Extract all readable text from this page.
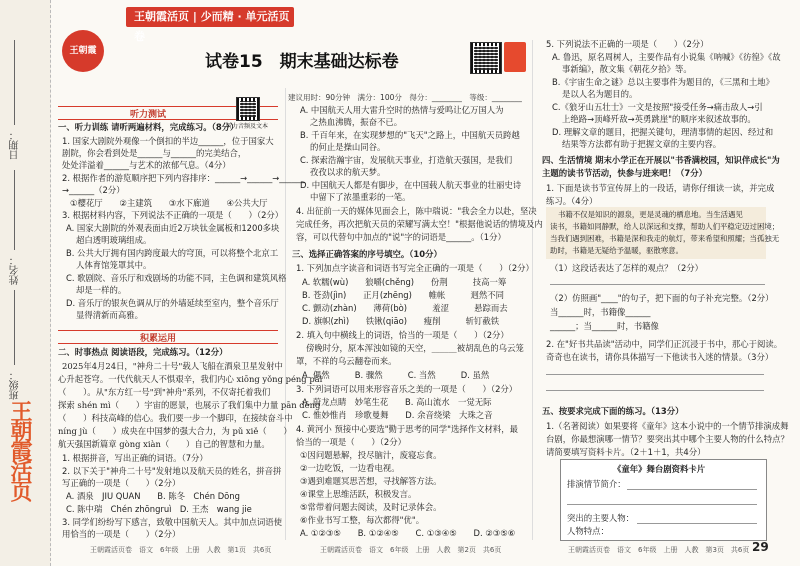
日期：
姓名：
班级：
王朝霞活页
王朝霞活页 | 少而精 · 单元活页卷
王朝霞
试卷15　期末基础达标卷
建议用时：90分钟　满分：100分　得分：________　等级：________
听力测试
听力音频及文本
一、听力训练 请听两遍材料，完成练习。（8分）
1. 国家大剧院外观像一个倒扣的半边______，位于国家大
剧院，你会看到处是______与______的完美结合，
处处洋溢着______与艺术的浓郁气息。（4分）
2. 根据作者的游览顺序把下列内容排序：______→______→______
→______（2分）
①樱花厅　　②主建筑　　③水下廊道　　④公共大厅
3. 根据材料内容，下列说法不正确的一项是（　　）（2分）
A. 国家大剧院的外观表面由近2万块钛金属板和1200多块
超白透明玻璃组成。
B. 公共大厅拥有国内跨度最大的穹顶，可以将整个北京工
人体育馆笼罩其中。
C. 歌剧院、音乐厅和戏剧场的功能不同，主色调和建筑风格
却是一样的。
D. 音乐厅的银灰色调从厅的外墙延续至室内，整个音乐厅
显得清新而高雅。
积累运用
二、时事热点 阅读语段，完成练习。（12分）
2025年4月24日，"神舟二十号"载人飞船在酒泉卫星发射中
心升起苍穹。一代代航天人不惧艰辛，我们内心 xiōng yǒng péng pài
（　　）。从"东方红一号"到"神舟"系列，不仅寄托着我们
探索 shén mì（　　）宇宙的愿景，也展示了我们集中力量 pān dēng
（　　）科技高峰的信心。我们要一步一个脚印，在接续奋斗中
níng jù（　　）成央在中国梦的强大合力，为 pǔ xiě（　　）
航天强国新篇章 gòng xiàn（　　）自己的智慧和力量。
1. 根据拼音，写出正确的词语。（7分）
2. 以下关于"神舟二十号"发射地以及航天员的姓名，拼音拼
写正确的一项是（　　）（2分）
A. 酒泉　JIU QUAN　　B. 陈冬　Chén Dōng
C. 陈中瑞　Chén zhōngruì　D. 王杰　wang jie
3. 同学们纷纷写下感言，致敬中国航天人。其中加点词语使
用恰当的一项是（　　）（2分）
A. 中国航天人用大雷升空时的热情与爱鸣让亿万国人为
之热血沸腾，振奋不已。
B. 千百年来，在实现梦想的"飞天"之路上，中国航天员跨越
的何止是操山同谷。
C. 探索浩瀚宇宙，发展航天事业，打造航天强国，是我们
孜孜以求的航天梦。
D. 中国航天人都是有脚步，在中国载人航天事业的壮丽史诗
中留下了浓墨重彩的一笔。
4. 出征前一天的媒体见面会上，陈中瑞说："我会全力以赴，坚决
完成任务，再次把航天员的荣耀写满太空！"根据他说话的情境及内
容，可以代替句中加点的"说"字的词语是______。（1分）
三、选择正确答案的序号填空。（10分）
1. 下列加点字读音和词语书写完全正确的一项是（　　）（2分）
A. 软糯(wù)　　狼嚼(chěng)　　份荆　　　技高一筹
B. 苍劲(jìn)　　正月(zhēng)　　帷帐　　　迥然不同
C. 颤动(zhàn)　　薄荷(bò)　　　羞涩　　　悬踪而去
D. 旗帜(zhì)　　铁锹(qiāo)　　瘦削　　　斩钉截铁
2. 填入句中横线上的词语，恰当的一项是（　　）（2分）
傍晚时分，原本浑浊如镜的天空，______被胡乱色的乌云笼
罩，不祥的乌云翻卷而来。
A. 偶然　　　B. 骤然　　　C. 当然　　　D. 虽然
3. 下列词语可以用来形容音乐之美的一项是（　　）（2分）
A. 蔚龙点睛　妙笔生花　　B. 高山流水　一觉无际
C. 惟妙惟肖　珍歌曼舞　　D. 余音绕梁　大珠之音
4. 黄河小 预接中心要选"勤于思考的同学"选择作文材料，最
恰当的一项是（　　）（2分）
①因问题悬解，投尽脑汁，废寝忘食。
②一边吃饭，一边看电视。
③遇到难题冥思苦想，寻找解答方法。
④课堂上思维活跃，积极发言。
⑤常带着问题去阅读，及时记录体会。
⑥作业书写工整，每次都得"优"。
A. ①②③⑤　　B. ①②④⑤　　C. ①③④⑤　　D. ②③⑤⑥
5. 下列说法不正确的一项是（　　）（2分）
A. 鲁迅，原名周树人，主要作品有小说集《呐喊》《彷徨》《故
事新编》，散文集《朝花夕拾》等。
B.《宇宙生命之谜》总以主要事件为题目的，《三黑和土地》
是以人名为题目的。
C.《狼牙山五壮士》一文是按照"接受任务→痛击敌人→引
上绝路→顶峰歼敌→英勇跳崖"的顺序来叙述故事的。
D. 理解文章的题目，把握关键句，理清事情的起因、经过和
结果等方法都有助于把握文章的主要内容。
四、生活情境 期末小学正在开展以"书香满校园，知识伴成长"为
主题的读书节活动，快参与进来吧！（7分）
1. 下面是读书节宣传屏上的一段话，请你仔细读一读，并完成
练习。（4分）
书籍不仅是知识的源泉，更是灵魂的栖息地。当生活遇见
读书，书籍如同静默，给人以深远和支撑，帮助人们平稳定迈过困境；
当我们遇到困难，书籍是深和我走的航灯，带来希望和照耀；当孤独无
助时，书籍是无疑给予温暖，驱散寒意。
（1）这段话表达了怎样的观点？（2分）
（2）仿照画"____"的句子，把下面的句子补充完整。（2分）
当______时，书籍像______
______；当______时，书籍像
2. 在"好书共品读"活动中，同学们正沉浸于书中，那心于阅读。
奇奇也在读书，请你具体描写一下他读书入迷的情景。（3分）
五、按要求完成下面的练习。（13分）
1.（名著阅读）如果要将《童年》这本小说中的一个情节排演成舞
台剧，你最想演哪一情节？要突出其中哪个主要人物的什么特点？
请简要填写资料卡片。（2＋1＋1，共4分）
《童年》舞台剧资料卡片
排演情节简介：
突出的主要人物：
人物特点：
王朝霞活页卷　语文　6年级　上册　人教　第1页　共6页	王朝霞活页卷　语文　6年级　上册　人教　第2页　共6页	王朝霞活页卷　语文　6年级　上册　人教　第3页　共6页 29
